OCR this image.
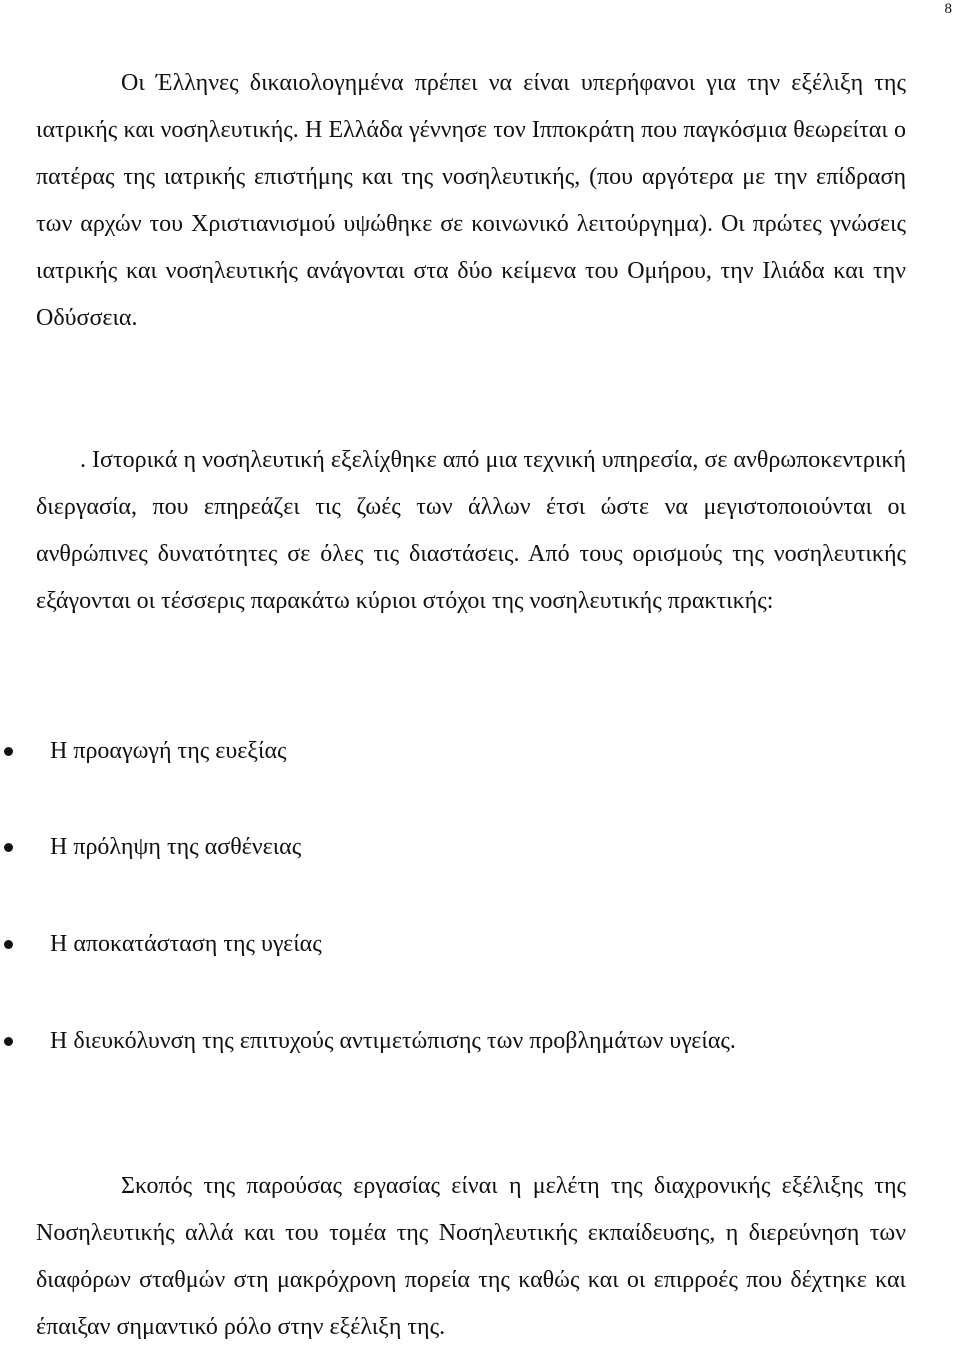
8

Οι Έλληνες δικαιολογημένα πρέπει να είναι υπερήφανοι για την εξέλιξη της ιατρικής και νοσηλευτικής. Η Ελλάδα γέννησε τον Ιπποκράτη που παγκόσμια θεωρείται ο πατέρας της ιατρικής επιστήμης και της νοσηλευτικής, (που αργότερα με την επίδραση των αρχών του Χριστιανισμού υψώθηκε σε κοινωνικό λειτούργημα). Οι πρώτες γνώσεις ιατρικής και νοσηλευτικής ανάγονται στα δύο κείμενα του Ομήρου, την Ιλιάδα και την Οδύσσεια.

. Ιστορικά η νοσηλευτική εξελίχθηκε από μια τεχνική υπηρεσία, σε ανθρωποκεντρική διεργασία, που επηρεάζει τις ζωές των άλλων έτσι ώστε να μεγιστοποιούνται οι ανθρώπινες δυνατότητες σε όλες τις διαστάσεις. Από τους ορισμούς της νοσηλευτικής εξάγονται οι τέσσερις παρακάτω κύριοι στόχοι της νοσηλευτικής πρακτικής:

Η προαγωγή της ευεξίας
Η πρόληψη της ασθένειας
Η αποκατάσταση της υγείας
Η διευκόλυνση της επιτυχούς αντιμετώπισης των προβλημάτων υγείας.

Σκοπός της παρούσας εργασίας είναι η μελέτη της διαχρονικής εξέλιξης της Νοσηλευτικής αλλά και του τομέα της Νοσηλευτικής εκπαίδευσης, η διερεύνηση των διαφόρων σταθμών στη μακρόχρονη πορεία της καθώς και οι επιρροές που δέχτηκε και έπαιξαν σημαντικό ρόλο στην εξέλιξη της.
